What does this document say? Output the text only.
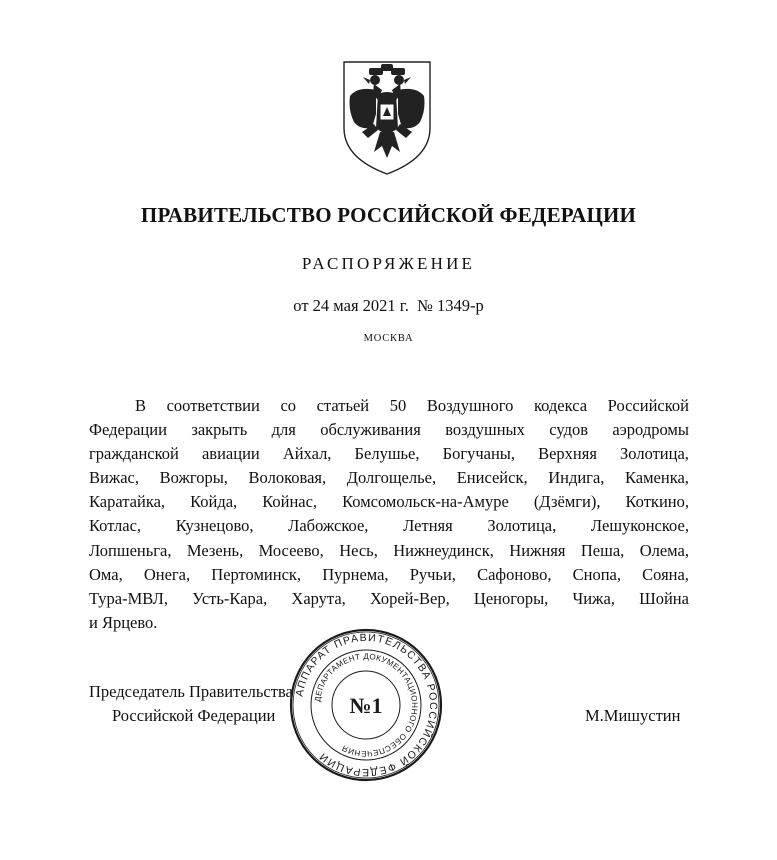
ПРАВИТЕЛЬСТВО РОССИЙСКОЙ ФЕДЕРАЦИИ
РАСПОРЯЖЕНИЕ
от 24 мая 2021 г. № 1349-р
МОСКВА
В соответствии со статьей 50 Воздушного кодекса Российской
Федерации закрыть для обслуживания воздушных судов аэродромы
гражданской авиации Айхал, Белушье, Богучаны, Верхняя Золотица,
Вижас, Вожгоры, Волоковая, Долгощелье, Енисейск, Индига, Каменка,
Каратайка, Койда, Койнас, Комсомольск-на-Амуре (Дзёмги), Коткино,
Котлас, Кузнецово, Лабожское, Летняя Золотица, Лешуконское,
Лопшеньга, Мезень, Мосеево, Несь, Нижнеудинск, Нижняя Пеша, Олема,
Ома, Онега, Пертоминск, Пурнема, Ручьи, Сафоново, Снопа, Сояна,
Тура-МВЛ, Усть-Кара, Харута, Хорей-Вер, Ценогоры, Чижа, Шойна
и
Ярцево.
Председатель Правительства
Российской Федерации	М.Мишустин
АППАРАТ ПРАВИТЕЛЬСТВА РОССИЙСКОЙ ФЕДЕРАЦИИ
ДЕПАРТАМЕНТ ДОКУМЕНТАЦИОННОГО ОБЕСПЕЧЕНИЯ
№1
